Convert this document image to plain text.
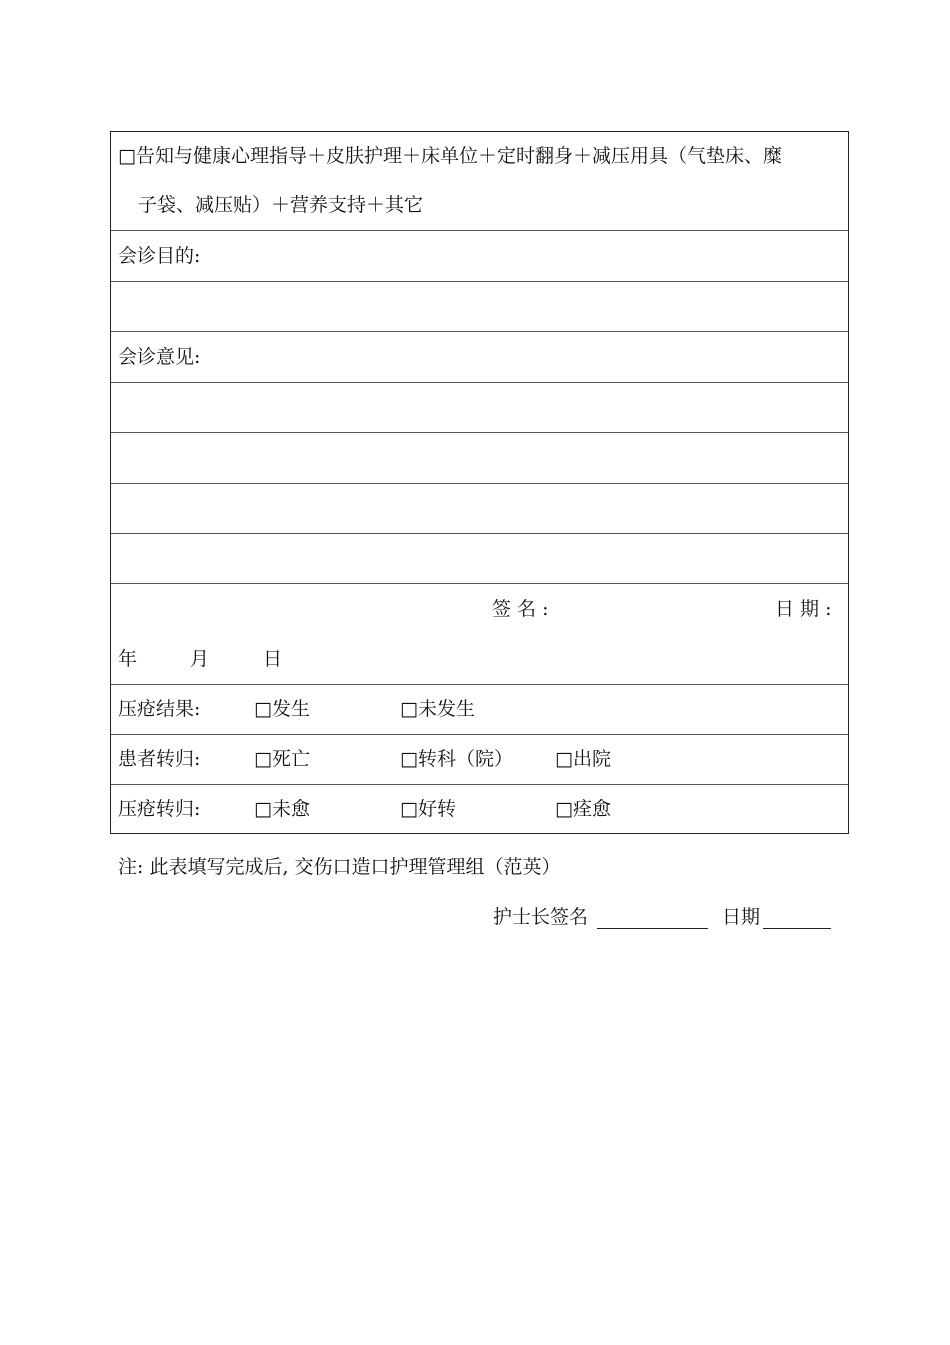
□告知与健康心理指导＋皮肤护理＋床单位＋定时翻身＋减压用具（气垫床、糜
子袋、减压贴）＋营养支持＋其它
会诊目的:
会诊意见:
签 名 :	日 期 :
年	月	日
压疮结果:	□发生	□未发生
患者转归:	□死亡	□转科（院） □出院
压疮转归:	□未愈	□好转	□痊愈
注: 此表填写完成后, 交伤口造口护理管理组（范英）
护士长签名	日期
